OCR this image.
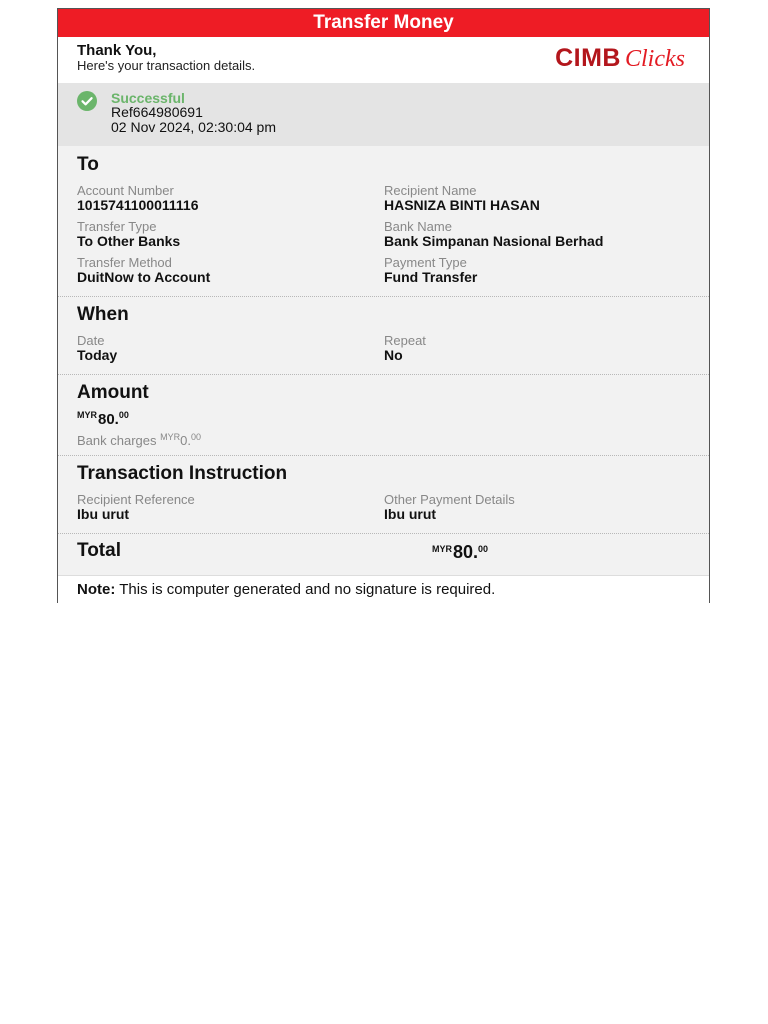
Transfer Money
Thank You,
Here's your transaction details.	CIMB Clicks
Successful
Ref664980691
02 Nov 2024, 02:30:04 pm
To
Account Number
1015741100011116
Recipient Name
HASNIZA BINTI HASAN
Transfer Type
To Other Banks
Bank Name
Bank Simpanan Nasional Berhad
Transfer Method
DuitNow to Account
Payment Type
Fund Transfer
When
Date
Today
Repeat
No
Amount
$^{MYR}$80.00
Bank charges $^{MYR}$0.00
Transaction Instruction
Recipient Reference
Ibu urut
Other Payment Details
Ibu urut
Total	$^{MYR}$80.00
Note: This is computer generated and no signature is required.
